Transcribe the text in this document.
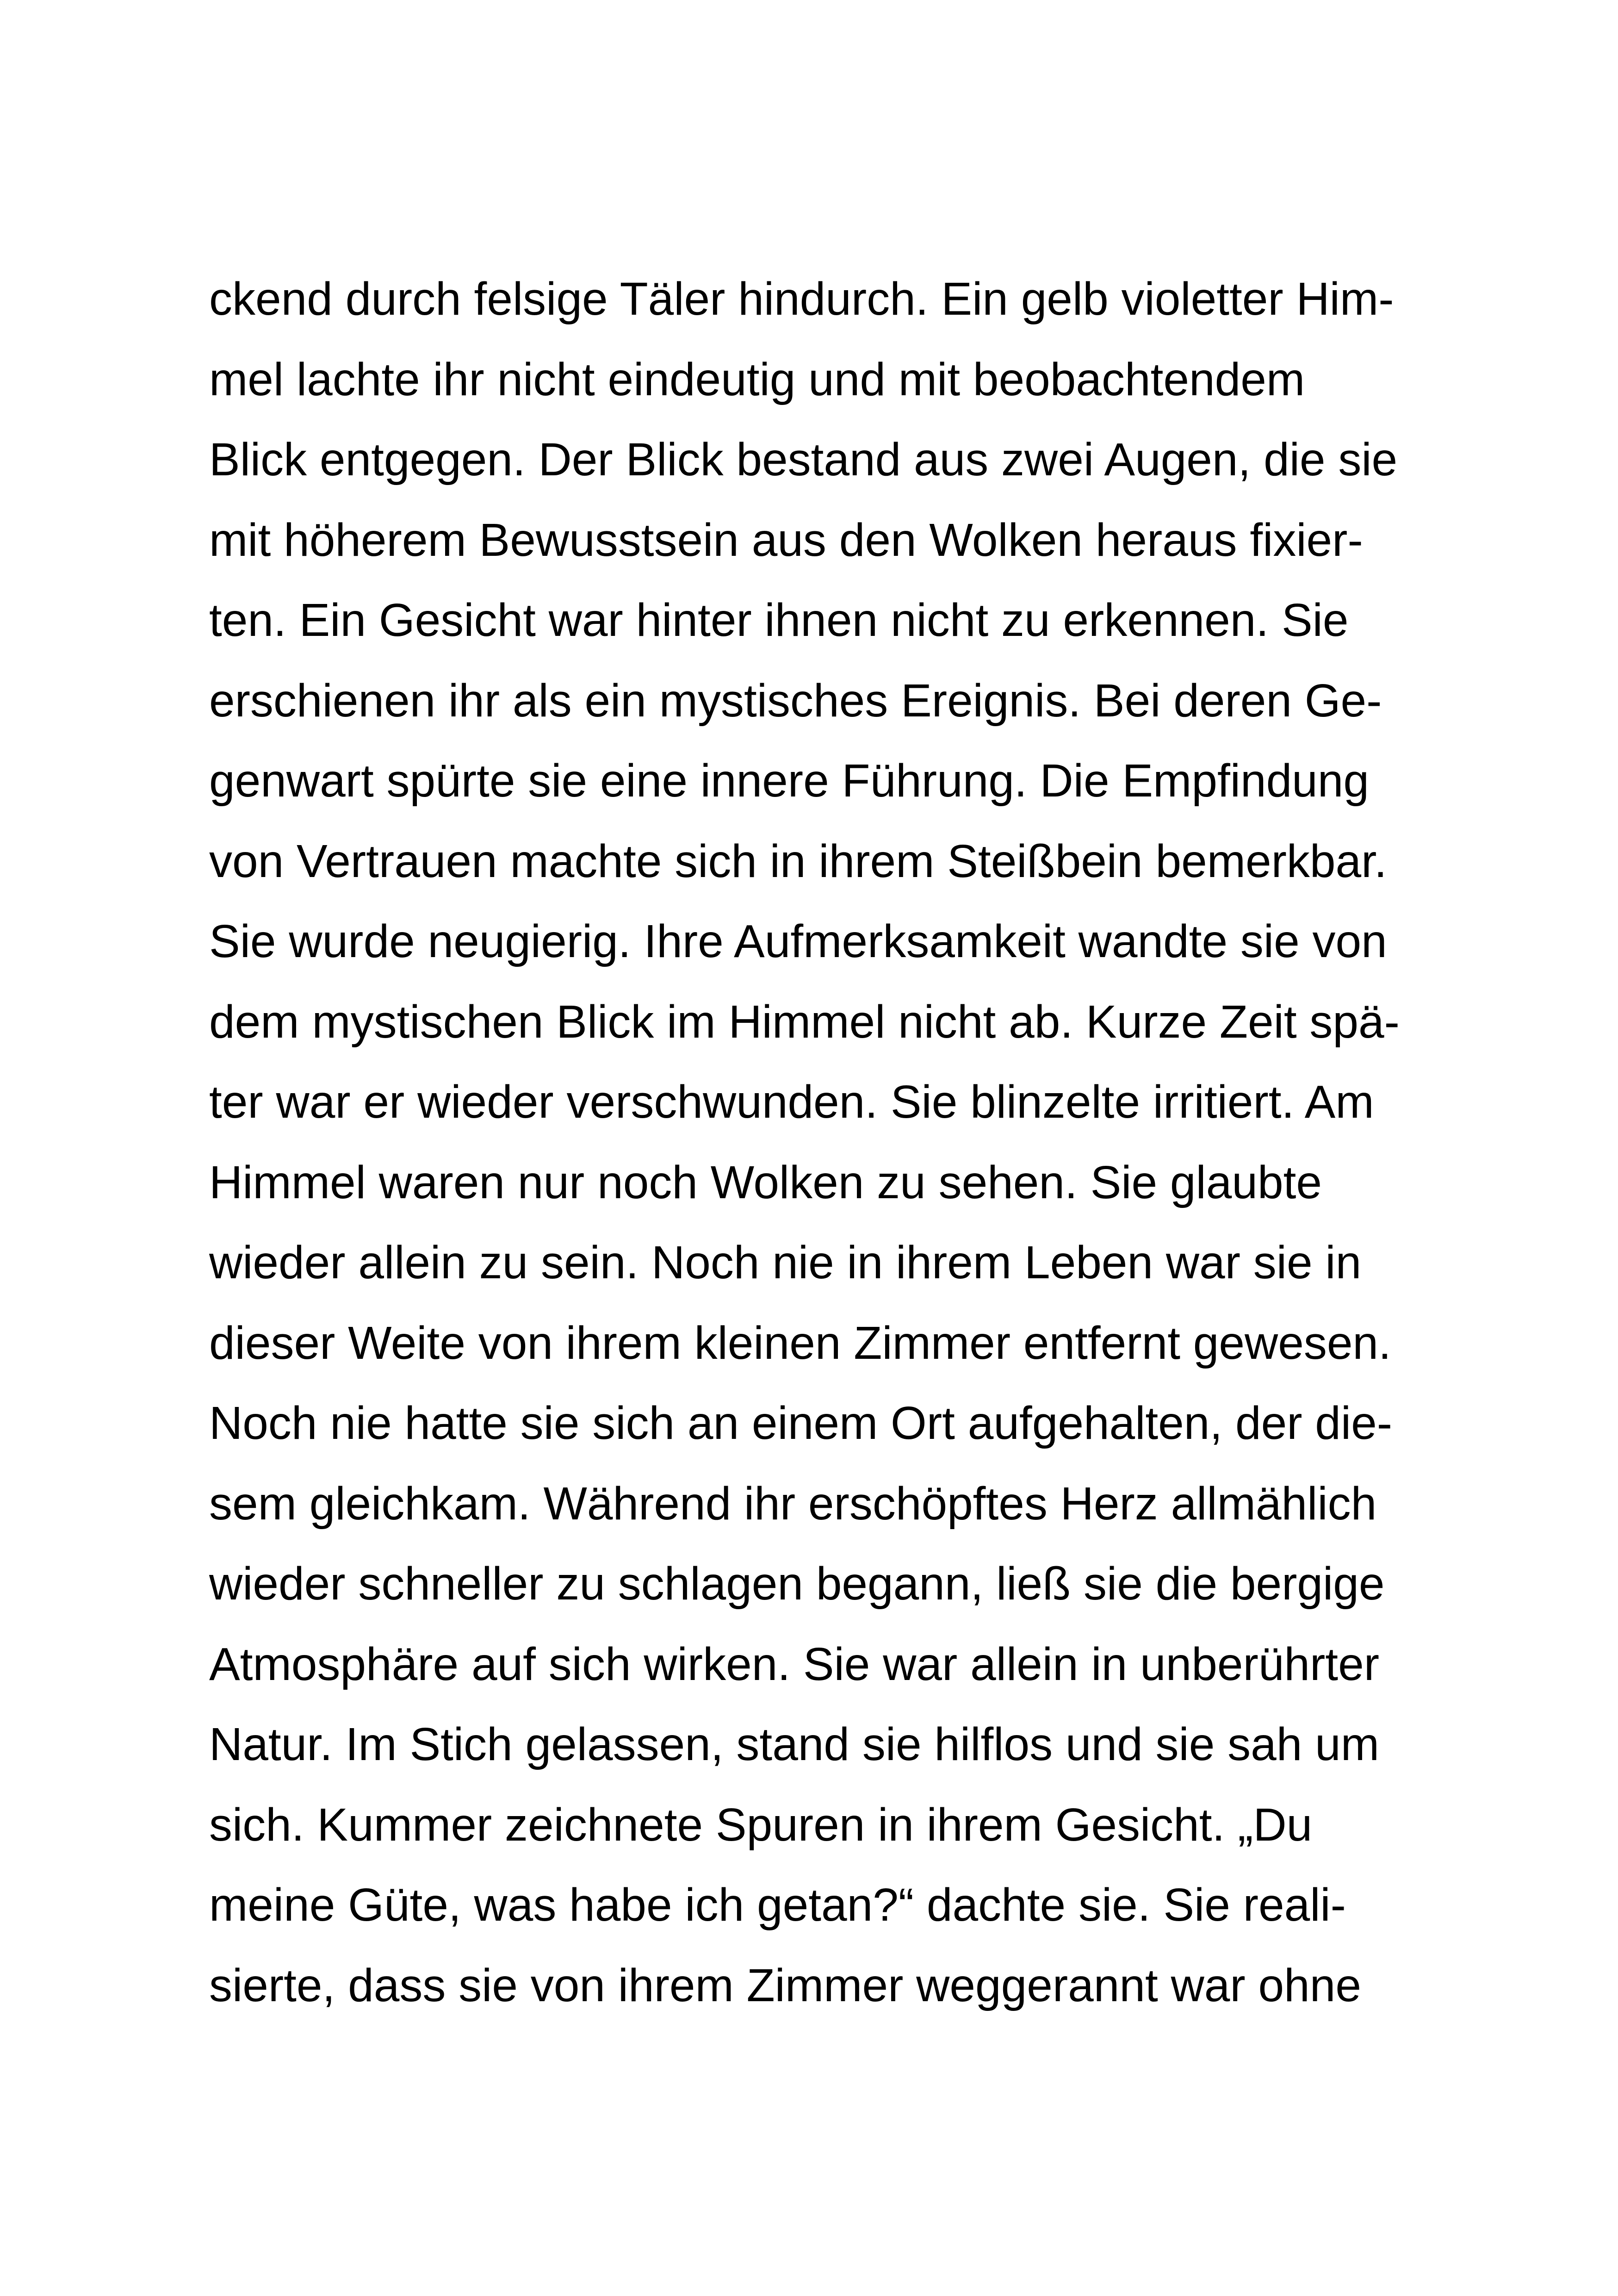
ckend durch felsige Täler hindurch. Ein gelb violetter Him-
mel lachte ihr nicht eindeutig und mit beobachtendem
Blick entgegen. Der Blick bestand aus zwei Augen, die sie
mit höherem Bewusstsein aus den Wolken heraus fixier-
ten. Ein Gesicht war hinter ihnen nicht zu erkennen. Sie
erschienen ihr als ein mystisches Ereignis. Bei deren Ge-
genwart spürte sie eine innere Führung. Die Empfindung
von Vertrauen machte sich in ihrem Steißbein bemerkbar.
Sie wurde neugierig. Ihre Aufmerksamkeit wandte sie von
dem mystischen Blick im Himmel nicht ab. Kurze Zeit spä-
ter war er wieder verschwunden. Sie blinzelte irritiert. Am
Himmel waren nur noch Wolken zu sehen. Sie glaubte
wieder allein zu sein. Noch nie in ihrem Leben war sie in
dieser Weite von ihrem kleinen Zimmer entfernt gewesen.
Noch nie hatte sie sich an einem Ort aufgehalten, der die-
sem gleichkam. Während ihr erschöpftes Herz allmählich
wieder schneller zu schlagen begann, ließ sie die bergige
Atmosphäre auf sich wirken. Sie war allein in unberührter
Natur. Im Stich gelassen, stand sie hilflos und sie sah um
sich. Kummer zeichnete Spuren in ihrem Gesicht. „Du
meine Güte, was habe ich getan?“ dachte sie. Sie reali-
sierte, dass sie von ihrem Zimmer weggerannt war ohne
